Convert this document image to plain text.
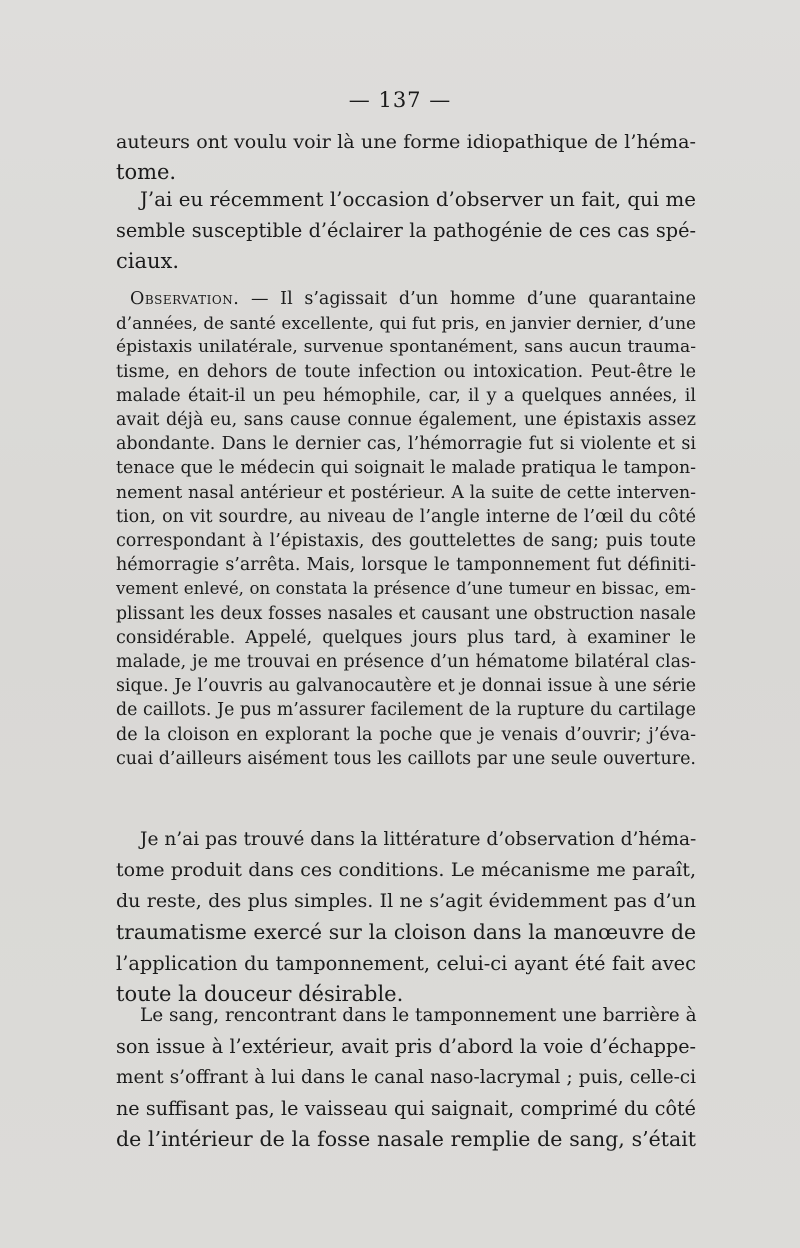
— 137 —
auteurs ont voulu voir là une forme idiopathique de l’héma-
tome.
J’ai eu récemment l’occasion d’observer un fait, qui me
semble susceptible d’éclairer la pathogénie de ces cas spé-
ciaux.
Observation. — Il s’agissait d’un homme d’une quarantaine
d’années, de santé excellente, qui fut pris, en janvier dernier, d’une
épistaxis unilatérale, survenue spontanément, sans aucun trauma-
tisme, en dehors de toute infection ou intoxication. Peut-être le
malade était-il un peu hémophile, car, il y a quelques années, il
avait déjà eu, sans cause connue également, une épistaxis assez
abondante. Dans le dernier cas, l’hémorragie fut si violente et si
tenace que le médecin qui soignait le malade pratiqua le tampon-
nement nasal antérieur et postérieur. A la suite de cette interven-
tion, on vit sourdre, au niveau de l’angle interne de l’œil du côté
correspondant à l’épistaxis, des gouttelettes de sang; puis toute
hémorragie s’arrêta. Mais, lorsque le tamponnement fut définiti-
vement enlevé, on constata la présence d’une tumeur en bissac, em-
plissant les deux fosses nasales et causant une obstruction nasale
considérable. Appelé, quelques jours plus tard, à examiner le
malade, je me trouvai en présence d’un hématome bilatéral clas-
sique. Je l’ouvris au galvanocautère et je donnai issue à une série
de caillots. Je pus m’assurer facilement de la rupture du cartilage
de la cloison en explorant la poche que je venais d’ouvrir; j’éva-
cuai d’ailleurs aisément tous les caillots par une seule ouverture.
Je n’ai pas trouvé dans la littérature d’observation d’héma-
tome produit dans ces conditions. Le mécanisme me paraît,
du reste, des plus simples. Il ne s’agit évidemment pas d’un
traumatisme exercé sur la cloison dans la manœuvre de
l’application du tamponnement, celui-ci ayant été fait avec
toute la douceur désirable.
Le sang, rencontrant dans le tamponnement une barrière à
son issue à l’extérieur, avait pris d’abord la voie d’échappe-
ment s’offrant à lui dans le canal naso-lacrymal ; puis, celle-ci
ne suffisant pas, le vaisseau qui saignait, comprimé du côté
de l’intérieur de la fosse nasale remplie de sang, s’était
